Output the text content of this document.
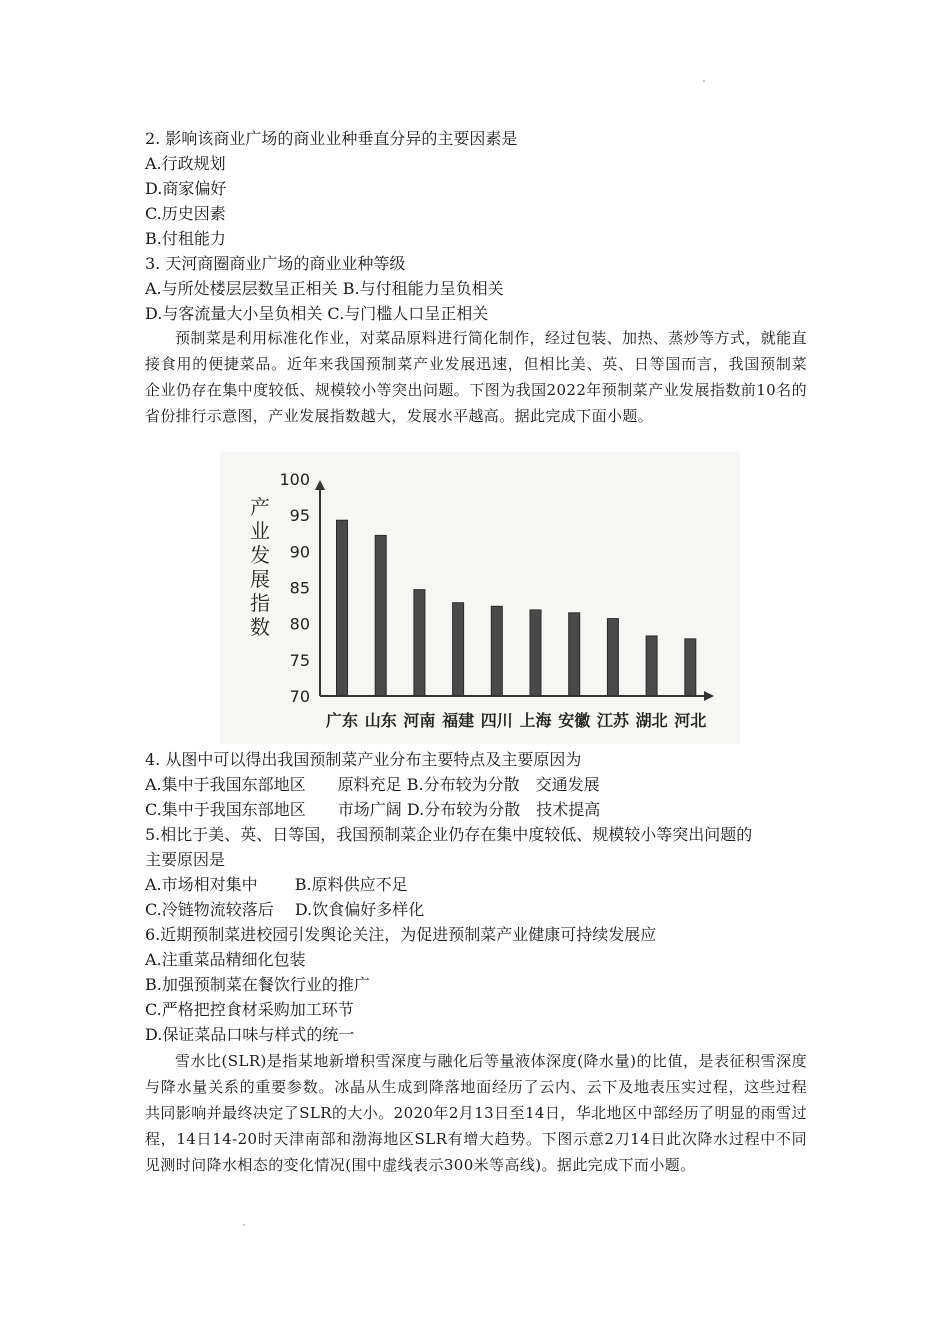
2. 影响该商业广场的商业业种垂直分异的主要因素是
A.行政规划
D.商家偏好
C.历史因素
B.付租能力
3. 天河商圈商业广场的商业业种等级
A.与所处楼层层数呈正相关 B.与付租能力呈负相关
D.与客流量大小呈负相关 C.与门槛人口呈正相关
预制菜是利用标准化作业，对菜品原料进行简化制作，经过包装、加热、蒸炒等方式，就能直接食用的便捷菜品。近年来我国预制菜产业发展迅速，但相比美、英、日等国而言，我国预制菜企业仍存在集中度较低、规模较小等突出问题。下图为我国2022年预制菜产业发展指数前10名的省份排行示意图，产业发展指数越大，发展水平越高。据此完成下面小题。
产业发展指数
70
75
80
85
90
95
100
广东 山东 河南 福建 四川 上海 安徽 江苏 湖北 河北
4. 从图中可以得出我国预制菜产业分布主要特点及主要原因为
A.集中于我国东部地区　　原料充足 B.分布较为分散　交通发展
C.集中于我国东部地区　　市场广阔 D.分布较为分散　技术提高
5.相比于美、英、日等国，我国预制菜企业仍存在集中度较低、规模较小等突出问题的
主要原因是
A.市场相对集中　　 B.原料供应不足
C.冷链物流较落后　 D.饮食偏好多样化
6.近期预制菜进校园引发舆论关注，为促进预制菜产业健康可持续发展应
A.注重菜品精细化包装
B.加强预制菜在餐饮行业的推广
C.严格把控食材采购加工环节
D.保证菜品口味与样式的统一
雪水比(SLR)是指某地新增积雪深度与融化后等量液体深度(降水量)的比值，是表征积雪深度与降水量关系的重要参数。冰晶从生成到降落地面经历了云内、云下及地表压实过程，这些过程共同影响并最终决定了SLR的大小。2020年2月13日至14日，华北地区中部经历了明显的雨雪过程，14日14-20时天津南部和渤海地区SLR有增大趋势。下图示意2刀14日此次降水过程中不同见测时问降水相态的变化情况(围中虚线表示300米等高线)。据此完成下而小题。
